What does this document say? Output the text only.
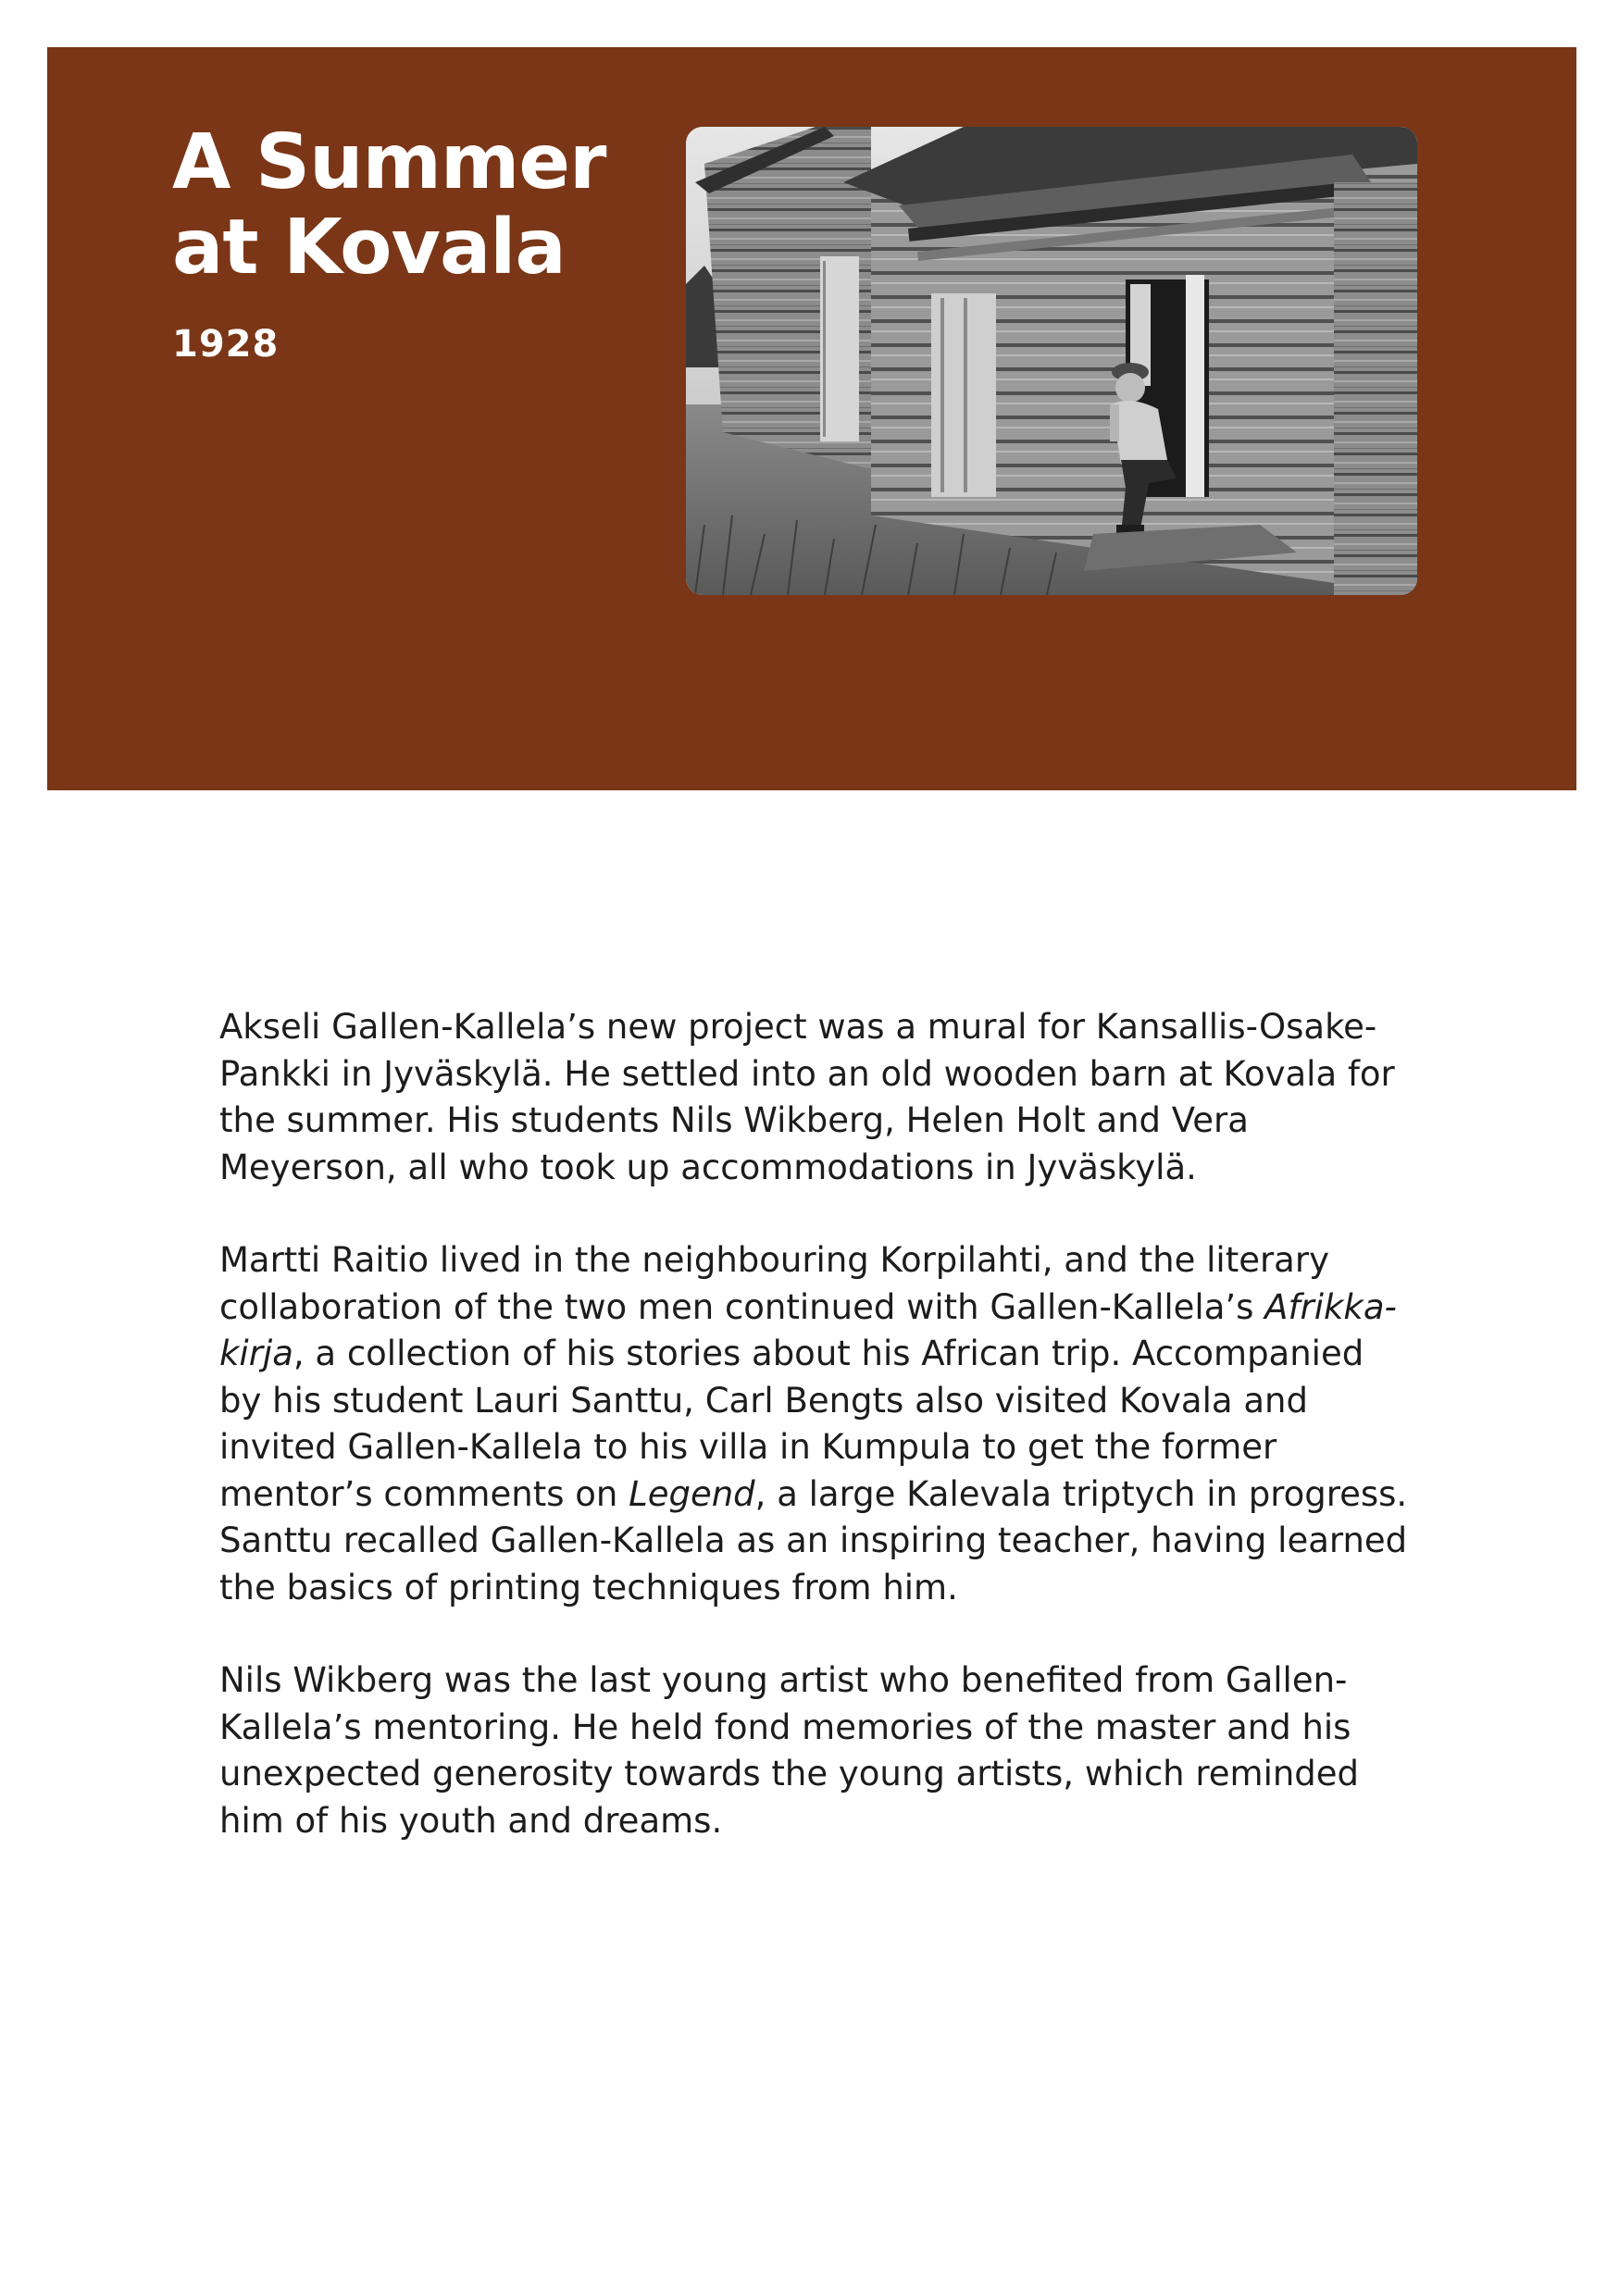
A Summer
at Kovala
1928

Akseli Gallen-Kallela’s new project was a mural for Kansallis-Osake-Pankki in Jyväskylä. He settled into an old wooden barn at Kovala for the summer. His students Nils Wikberg, Helen Holt and Vera Meyerson, all who took up accommodations in Jyväskylä.

Martti Raitio lived in the neighbouring Korpilahti, and the literary collaboration of the two men continued with Gallen-Kallela’s Afrikka-kirja, a collection of his stories about his African trip. Accompanied by his student Lauri Santtu, Carl Bengts also visited Kovala and invited Gallen-Kallela to his villa in Kumpula to get the former mentor’s comments on Legend, a large Kalevala triptych in progress. Santtu recalled Gallen-Kallela as an inspiring teacher, having learned the basics of printing techniques from him.

Nils Wikberg was the last young artist who benefited from Gallen-Kallela’s mentoring. He held fond memories of the master and his unexpected generosity towards the young artists, which reminded him of his youth and dreams.
